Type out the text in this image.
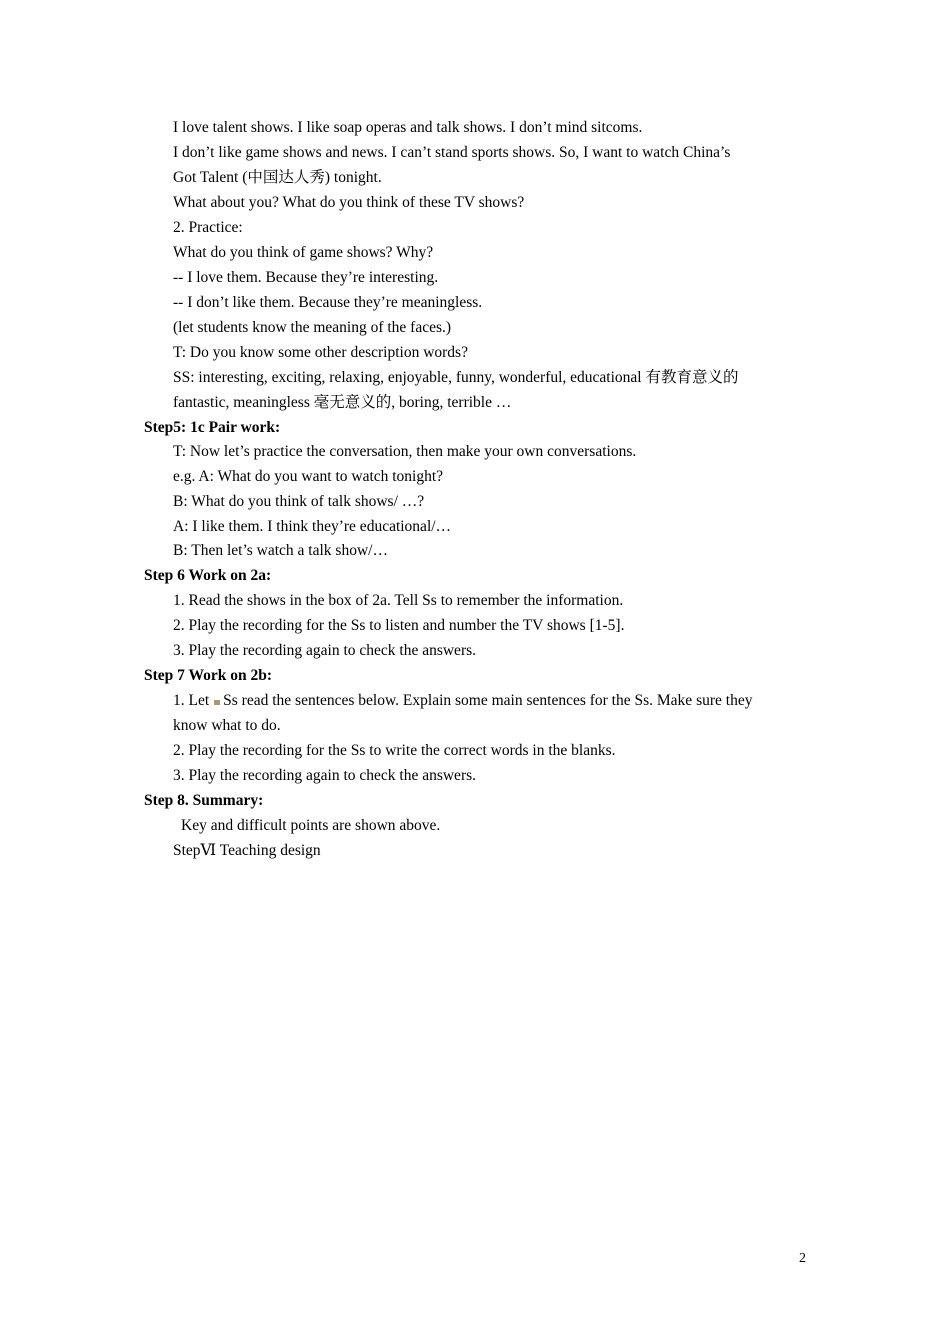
I love talent shows. I like soap operas and talk shows. I don’t mind sitcoms.
I don’t like game shows and news. I can’t stand sports shows. So, I want to watch China’s
Got Talent (中国达人秀) tonight.
What about you? What do you think of these TV shows?
2. Practice:
What do you think of game shows? Why?
-- I love them. Because they’re interesting.
-- I don’t like them. Because they’re meaningless.
(let students know the meaning of the faces.)
T: Do you know some other description words?
SS: interesting, exciting, relaxing, enjoyable, funny, wonderful, educational 有教育意义的
fantastic, meaningless 毫无意义的, boring, terrible …
Step5: 1c Pair work:
T: Now let’s practice the conversation, then make your own conversations.
e.g. A: What do you want to watch tonight?
B: What do you think of talk shows/ …?
A: I like them. I think they’re educational/…
B: Then let’s watch a talk show/…
Step 6 Work on 2a:
1. Read the shows in the box of 2a. Tell Ss to remember the information.
2. Play the recording for the Ss to listen and number the TV shows [1-5].
3. Play the recording again to check the answers.
Step 7 Work on 2b:
1. Let Ss read the sentences below. Explain some main sentences for the Ss. Make sure they
know what to do.
2. Play the recording for the Ss to write the correct words in the blanks.
3. Play the recording again to check the answers.
Step 8. Summary:
Key and difficult points are shown above.
StepⅥ Teaching design
2
